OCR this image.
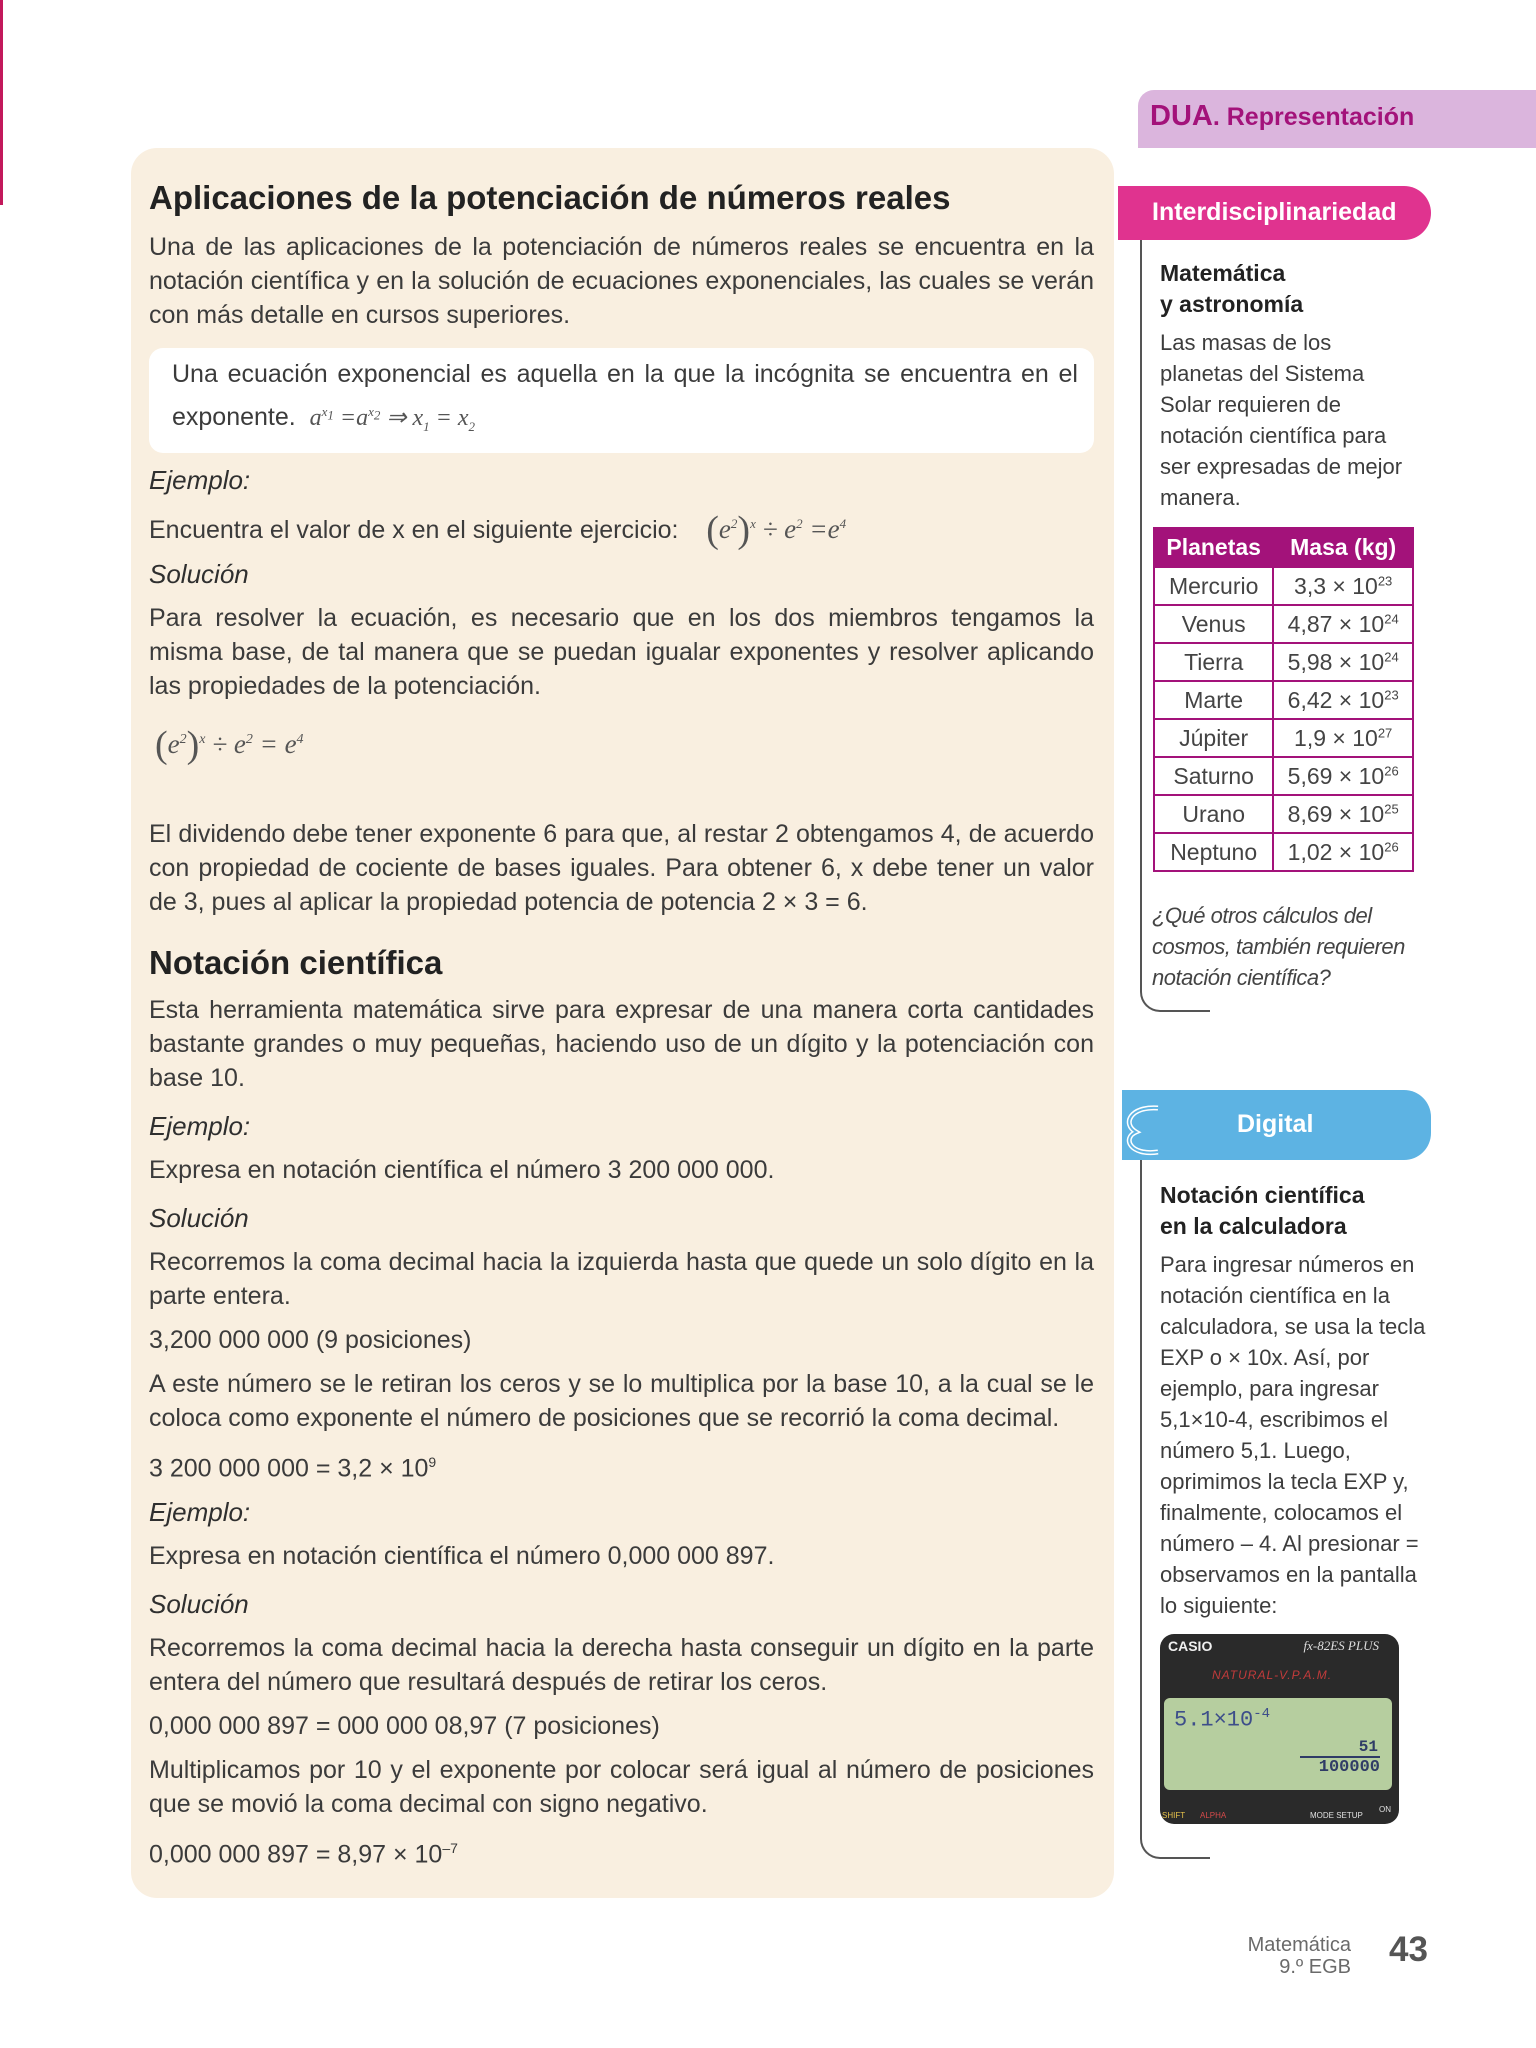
Aplicaciones de la potenciación de números reales

Una de las aplicaciones de la potenciación de números reales se encuentra en la notación científica y en la solución de ecuaciones exponenciales, las cuales se verán con más detalle en cursos superiores.

Una ecuación exponencial es aquella en la que la incógnita se encuentra en el exponente. $a^{x_1} =a^{x_2}$ ⇒ $x_1 = x_2$

Ejemplo:

Encuentra el valor de x en el siguiente ejercicio: $(e^2)^x \div e^2 =e^4$

Solución

Para resolver la ecuación, es necesario que en los dos miembros tengamos la misma base, de tal manera que se puedan igualar exponentes y resolver aplicando las propiedades de la potenciación.

$(e^2)^x \div e^2 = e^4$

El dividendo debe tener exponente 6 para que, al restar 2 obtengamos 4, de acuerdo con propiedad de cociente de bases iguales. Para obtener 6, x debe tener un valor de 3, pues al aplicar la propiedad potencia de potencia 2 × 3 = 6.

Notación científica

Esta herramienta matemática sirve para expresar de una manera corta cantidades bastante grandes o muy pequeñas, haciendo uso de un dígito y la potenciación con base 10.

Ejemplo:

Expresa en notación científica el número 3 200 000 000.

Solución

Recorremos la coma decimal hacia la izquierda hasta que quede un solo dígito en la parte entera.

3,200 000 000 (9 posiciones)

A este número se le retiran los ceros y se lo multiplica por la base 10, a la cual se le coloca como exponente el número de posiciones que se recorrió la coma decimal.

3 200 000 $000 = 3,2 \times 10^9$

Ejemplo:

Expresa en notación científica el número 0,000 000 897.

Solución

Recorremos la coma decimal hacia la derecha hasta conseguir un dígito en la parte entera del número que resultará después de retirar los ceros.

0,000 000 897 = 000 000 08,97 (7 posiciones)

Multiplicamos por 10 y el exponente por colocar será igual al número de posiciones que se movió la coma decimal con signo negativo.

0,000 000 $897 = 8,97 \times 10^{-7}$

DUA. Representación
Interdisciplinariedad
Matemática
y astronomía
Las masas de los planetas del Sistema Solar requieren de notación científica para ser expresadas de mejor manera.
Planetas	Masa (kg)
Mercurio	$3,3 \times 10^{23}$
Venus	$4,87 \times 10^{24}$
Tierra	$5,98 \times 10^{24}$
Marte	$6,42 \times 10^{23}$
Júpiter	$1,9 \times 10^{27}$
Saturno	$5,69 \times 10^{26}$
Urano	$8,69 \times 10^{25}$
Neptuno	$1,02 \times 10^{26}$
¿Qué otros cálculos del cosmos, también requieren notación científica?
Digital
Notación científica
en la calculadora
Para ingresar números en notación científica en la calculadora, se usa la tecla EXP o × 10x. Así, por ejemplo, para ingresar 5,1×10-4, escribimos el número 5,1. Luego, oprimimos la tecla EXP y, finalmente, colocamos el número – 4. Al presionar = observamos en la pantalla lo siguiente:
CASIO	fx-82ES PLUS
NATURAL-V.P.A.M.
$5.1\times 10^{-4}$
51
100000
SHIFT ALPHA	MODE SETUP
ON
Matemática
9.º EGB 43
